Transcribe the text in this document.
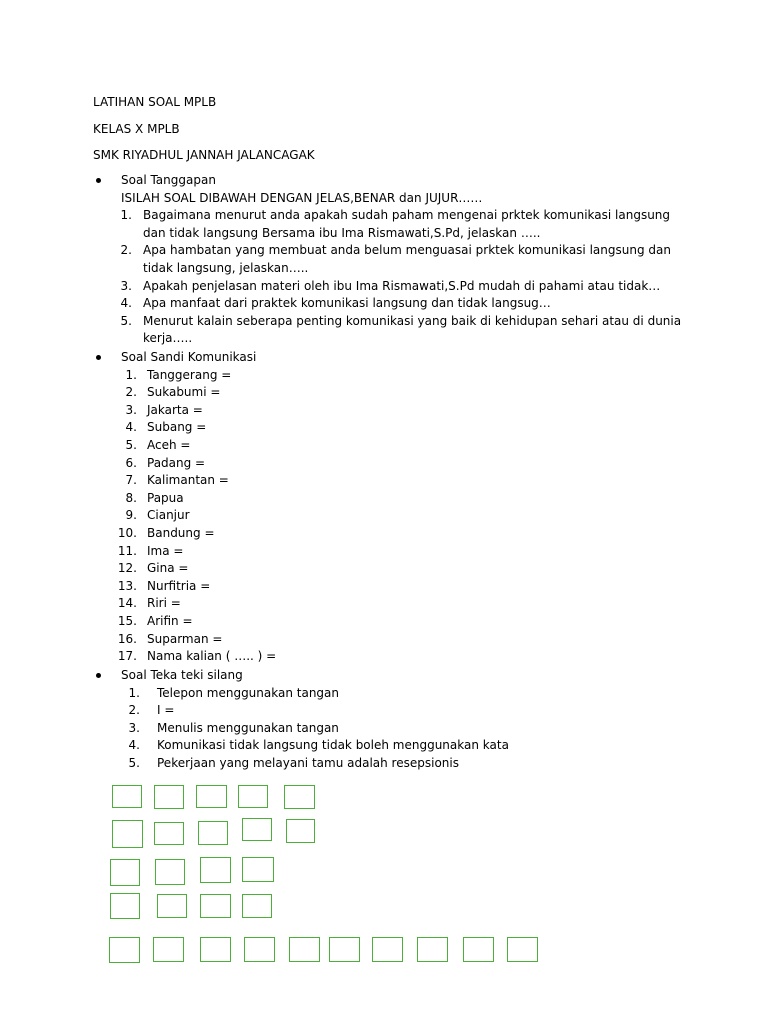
LATIHAN SOAL MPLB

KELAS X MPLB

SMK RIYADHUL JANNAH JALANCAGAK

Soal Tanggapan
ISILAH SOAL DIBAWAH DENGAN JELAS,BENAR dan JUJUR……
1. Bagaimana menurut anda apakah sudah paham mengenai prktek komunikasi langsung dan tidak langsung Bersama ibu Ima Rismawati,S.Pd, jelaskan …..
2. Apa hambatan yang membuat anda belum menguasai prktek komunikasi langsung dan tidak langsung, jelaskan…..
3. Apakah penjelasan materi oleh ibu Ima Rismawati,S.Pd mudah di pahami atau tidak…
4. Apa manfaat dari praktek komunikasi langsung dan tidak langsug…
5. Menurut kalain seberapa penting komunikasi yang baik di kehidupan sehari atau di dunia kerja…..
Soal Sandi Komunikasi
1. Tanggerang =
2. Sukabumi =
3. Jakarta =
4. Subang =
5. Aceh =
6. Padang =
7. Kalimantan =
8. Papua
9. Cianjur
10. Bandung =
11. Ima =
12. Gina =
13. Nurfitria =
14. Riri =
15. Arifin =
16. Suparman =
17. Nama kalian ( ….. ) =
Soal Teka teki silang
1. Telepon menggunakan tangan
2. I =
3. Menulis menggunakan tangan
4. Komunikasi tidak langsung tidak boleh menggunakan kata
5. Pekerjaan yang melayani tamu adalah resepsionis
